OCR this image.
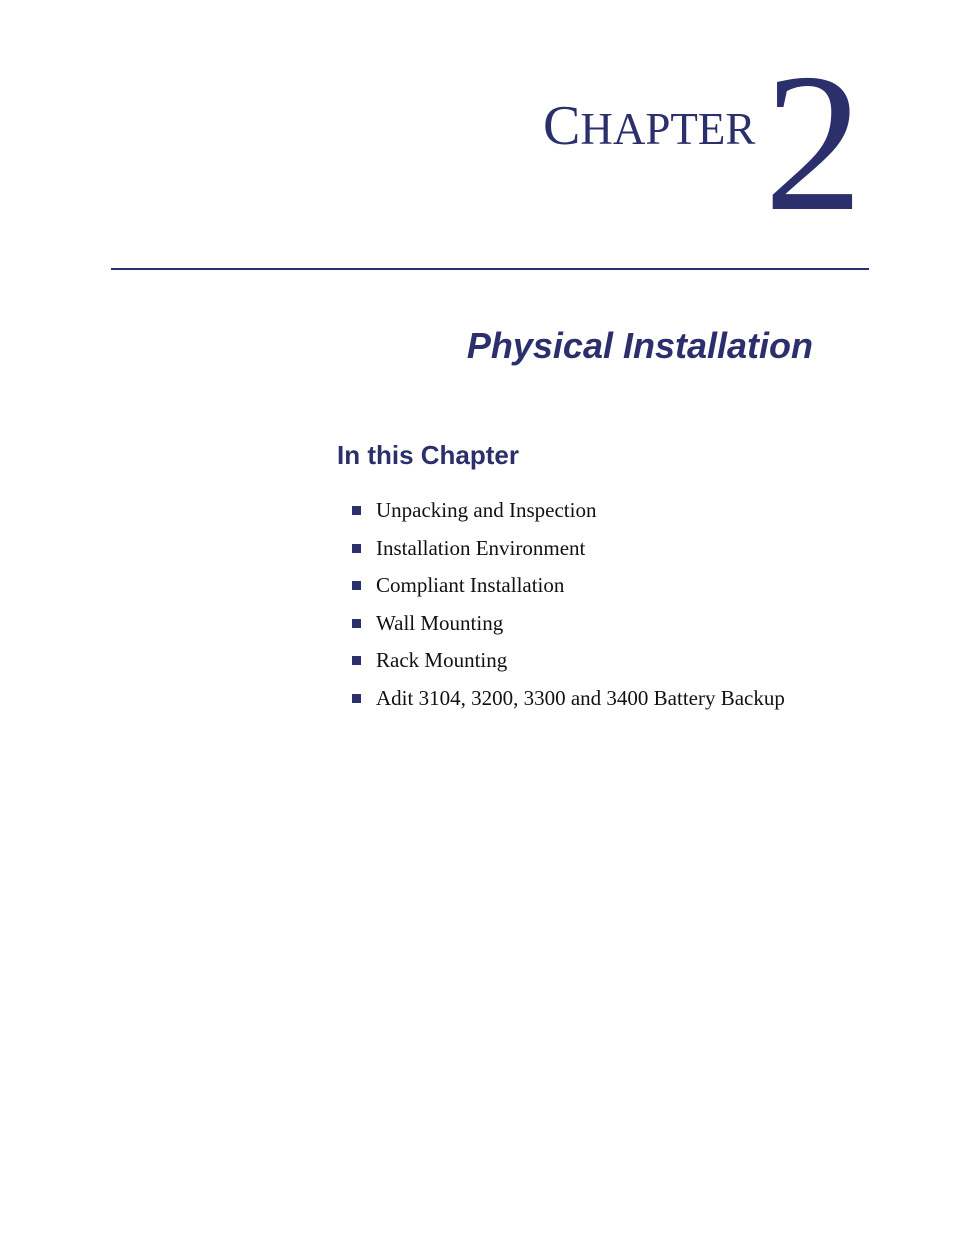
CHAPTER 2
Physical Installation
In this Chapter
Unpacking and Inspection
Installation Environment
Compliant Installation
Wall Mounting
Rack Mounting
Adit 3104, 3200, 3300 and 3400 Battery Backup
